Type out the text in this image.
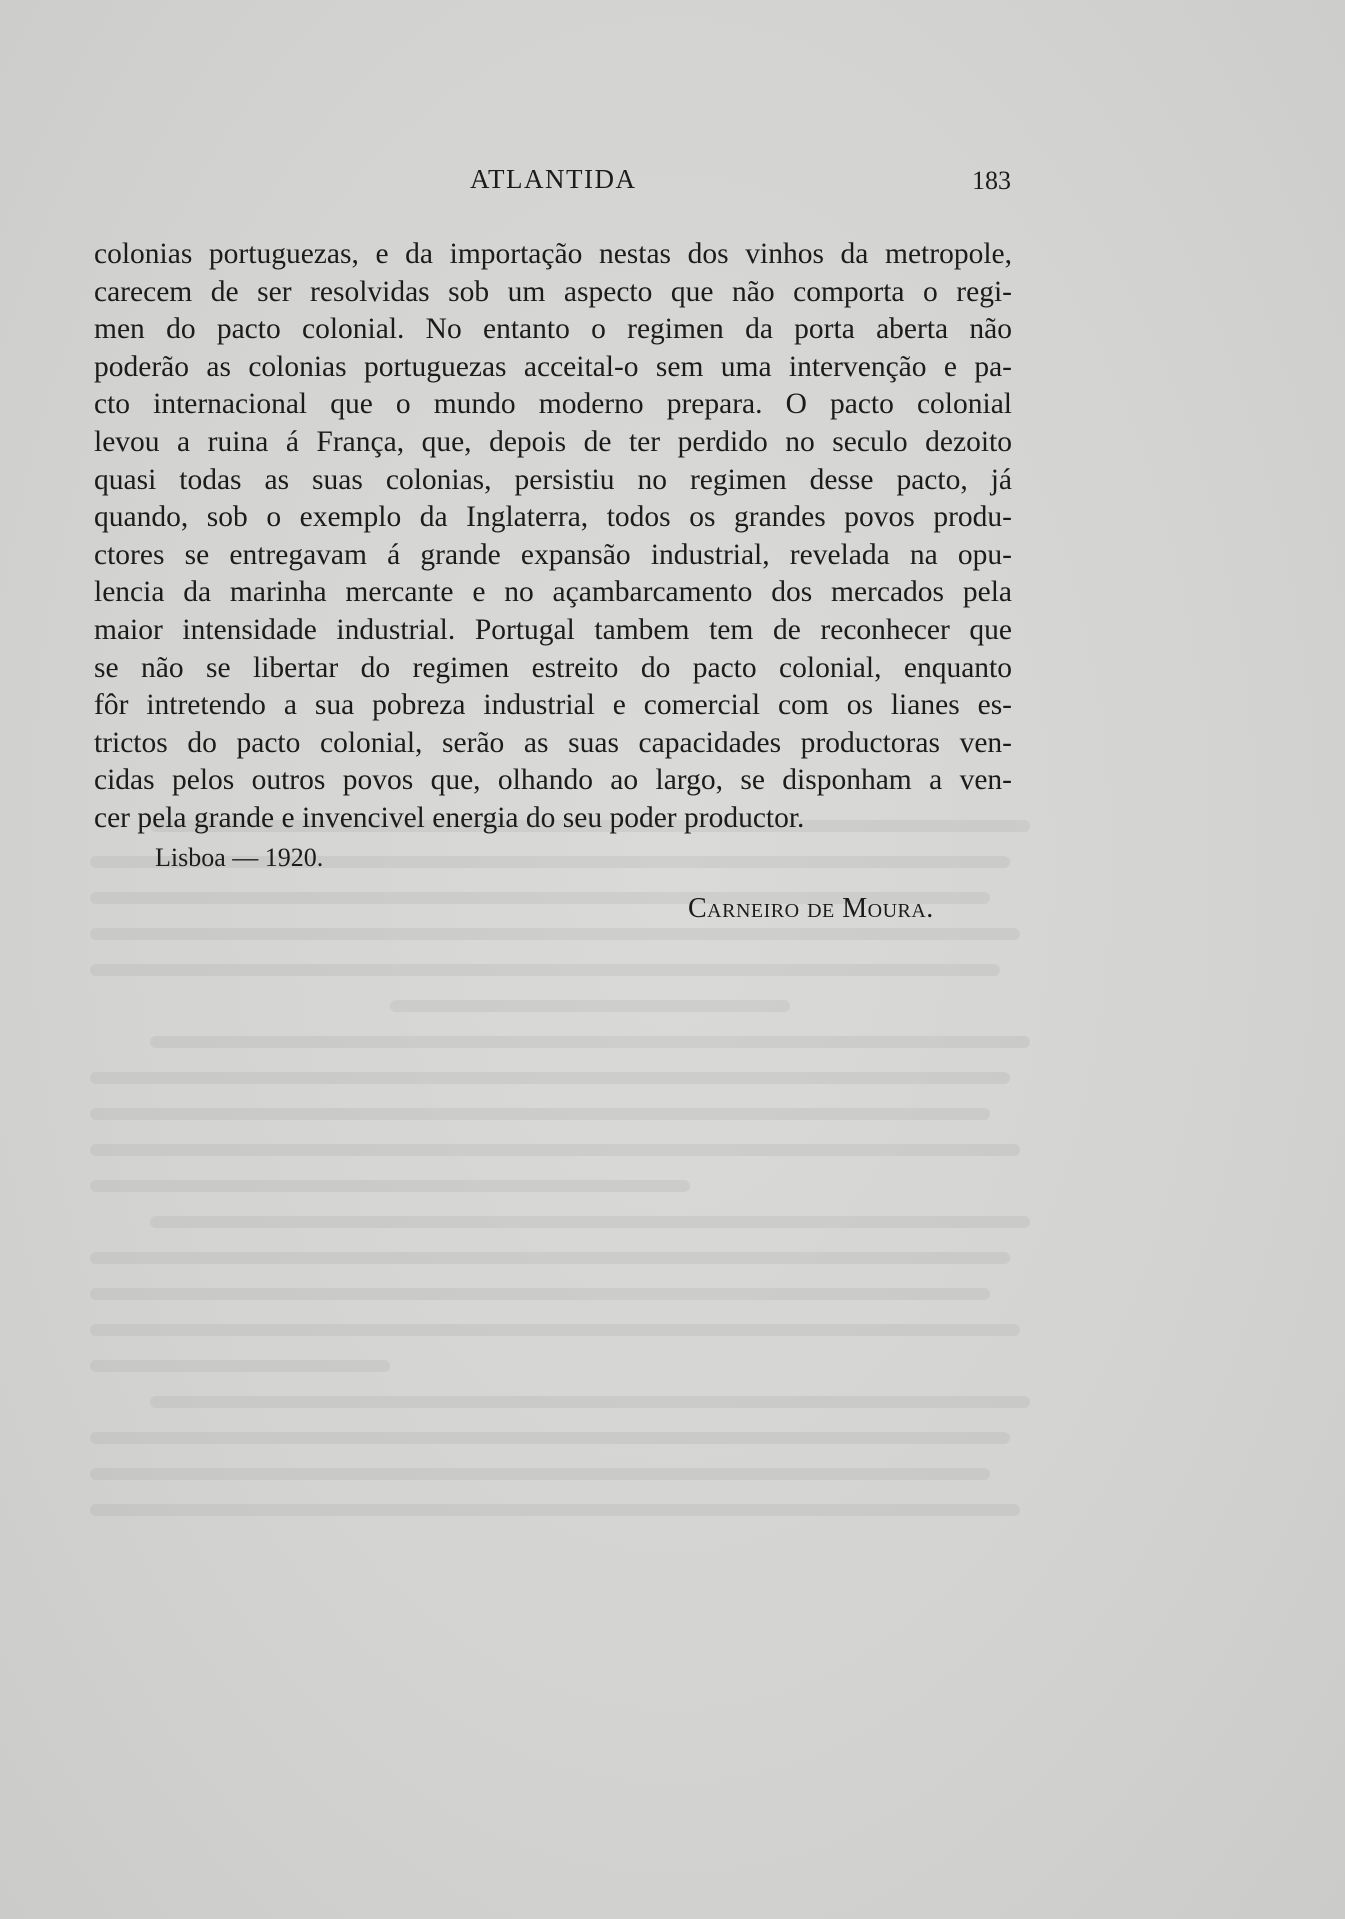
ATLANTIDA	183

colonias portuguezas, e da importação nestas dos vinhos da metropole,
carecem de ser resolvidas sob um aspecto que não comporta o regi-
men do pacto colonial. No entanto o regimen da porta aberta não
poderão as colonias portuguezas acceital-o sem uma intervenção e pa-
cto internacional que o mundo moderno prepara. O pacto colonial
levou a ruina á França, que, depois de ter perdido no seculo dezoito
quasi todas as suas colonias, persistiu no regimen desse pacto, já
quando, sob o exemplo da Inglaterra, todos os grandes povos produ-
ctores se entregavam á grande expansão industrial, revelada na opu-
lencia da marinha mercante e no açambarcamento dos mercados pela
maior intensidade industrial. Portugal tambem tem de reconhecer que
se não se libertar do regimen estreito do pacto colonial, enquanto
fôr intretendo a sua pobreza industrial e comercial com os lianes es-
trictos do pacto colonial, serão as suas capacidades productoras ven-
cidas pelos outros povos que, olhando ao largo, se disponham a ven-
cer pela grande e invencivel energia do seu poder productor.

Lisboa — 1920.
Carneiro de Moura.
